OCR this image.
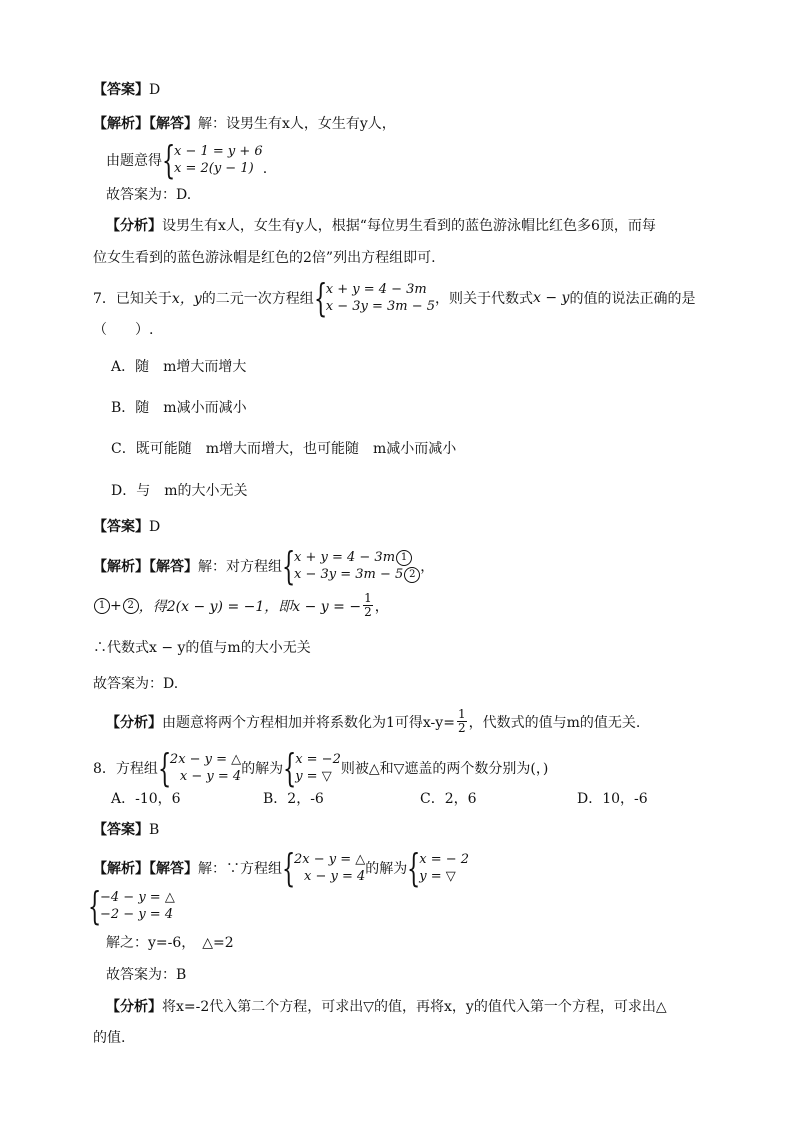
【答案】D
【解析】【解答】解：设男生有x人，女生有y人，
由题意得 {
x − 1 = y + 6
x = 2(y − 1) .
故答案为：D.
【分析】设男生有x人，女生有y人，根据“每位男生看到的蓝色游泳帽比红色多6顶，而每
位女生看到的蓝色游泳帽是红色的2倍”列出方程组即可.
7．已知关于 x，y 的二元一次方程组 {
x + y = 4 − 3m
x − 3y = 3m − 5 ，则关于代数式 x − y 的值的说法正确的是
（　　）.
A．随　m增大而增大
B．随　m减小而减小
C．既可能随　m增大而增大，也可能随　m减小而减小
D．与　m的大小无关
【答案】D
【解析】【解答】 解：对方程组 {
x + y = 4 − 3m 1
x − 3y = 3m − 5 2 ，
1 + 2 ，得2(x − y) = −1，即x − y = − $\frac{1}{2}$ ，
∴代数式x − y的值与m的大小无关
故答案为：D.
【分析】 由题意将两个方程相加并将系数化为1可得$x-y= \frac{1}{2}$ ，代数式的值与m的值无关.
8．方程组 {
2x − y = △
x − y = 4 的解为 {
x = −2
y = ▽ 则被△和▽遮盖的两个数分别为(，)
A．-10，6	B．2，-6	C．2，6	D．10，-6
【答案】B
【解析】【解答】 解：∵方程组 {
2x − y = △
x − y = 4 的解为 {
x = − 2
y = ▽
{
−4 − y = △
−2 − y = 4
解之：y=-6，　△=2
故答案为：B
【分析】将x=-2代入第二个方程，可求出▽的值，再将x，y的值代入第一个方程，可求出△
的值.
